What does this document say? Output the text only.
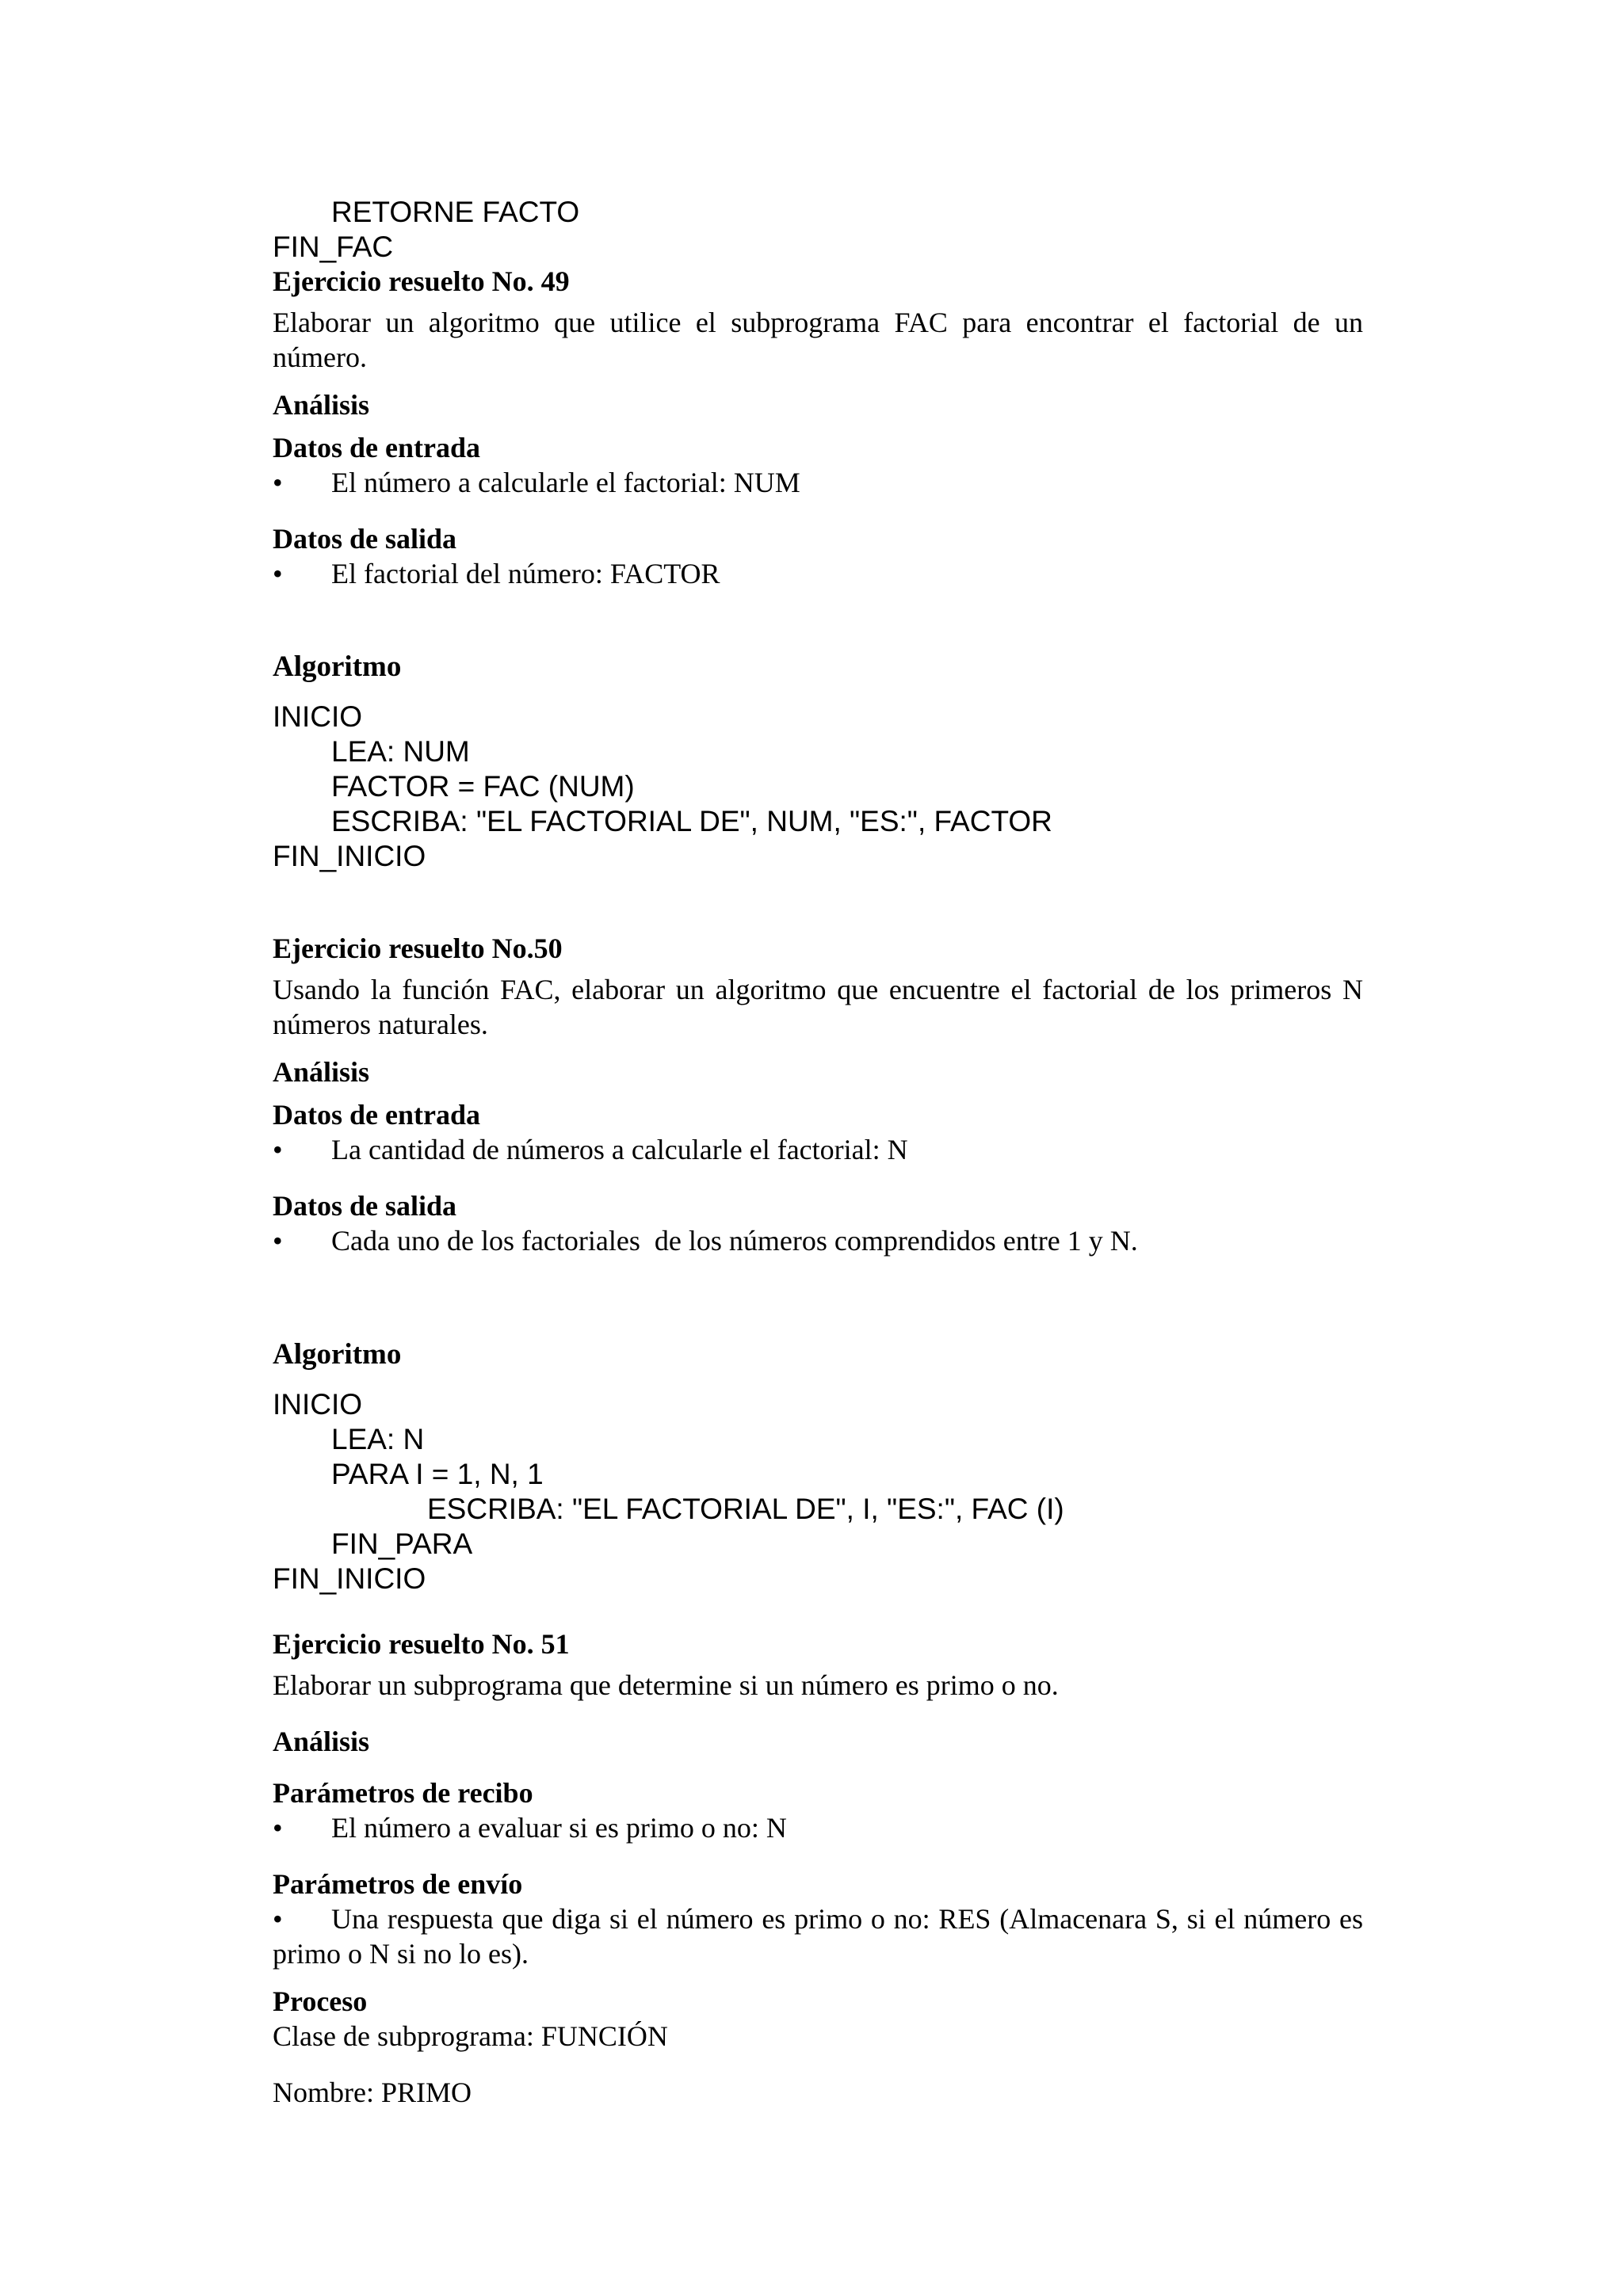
RETORNE FACTO
FIN_FAC
Ejercicio resuelto No. 49

Elaborar un algoritmo que utilice el subprograma FAC para encontrar el factorial de un número.

Análisis
Datos de entrada

•

El número a calcularle el factorial: NUM

Datos de salida

•

El factorial del número: FACTOR

Algoritmo
INICIO
LEA: NUM
FACTOR = FAC (NUM)
ESCRIBA: "EL FACTORIAL DE", NUM, "ES:", FACTOR
FIN_INICIO
Ejercicio resuelto No.50

Usando la función FAC, elaborar un algoritmo que encuentre el factorial de los primeros N números naturales.

Análisis
Datos de entrada

•

La cantidad de números a calcularle el factorial: N

Datos de salida

•

Cada uno de los factoriales  de los números comprendidos entre 1 y N.

Algoritmo
INICIO
LEA: N
PARA I = 1, N, 1
ESCRIBA: "EL FACTORIAL DE", I, "ES:", FAC (I)
FIN_PARA
FIN_INICIO
Ejercicio resuelto No. 51

Elaborar un subprograma que determine si un número es primo o no.

Análisis
Parámetros de recibo

•

El número a evaluar si es primo o no: N

Parámetros de envío

• Una respuesta que diga si el número es primo o no: RES (Almacenara S, si el número es primo o N si no lo es).

Proceso
Clase de subprograma: FUNCIÓN
Nombre: PRIMO
